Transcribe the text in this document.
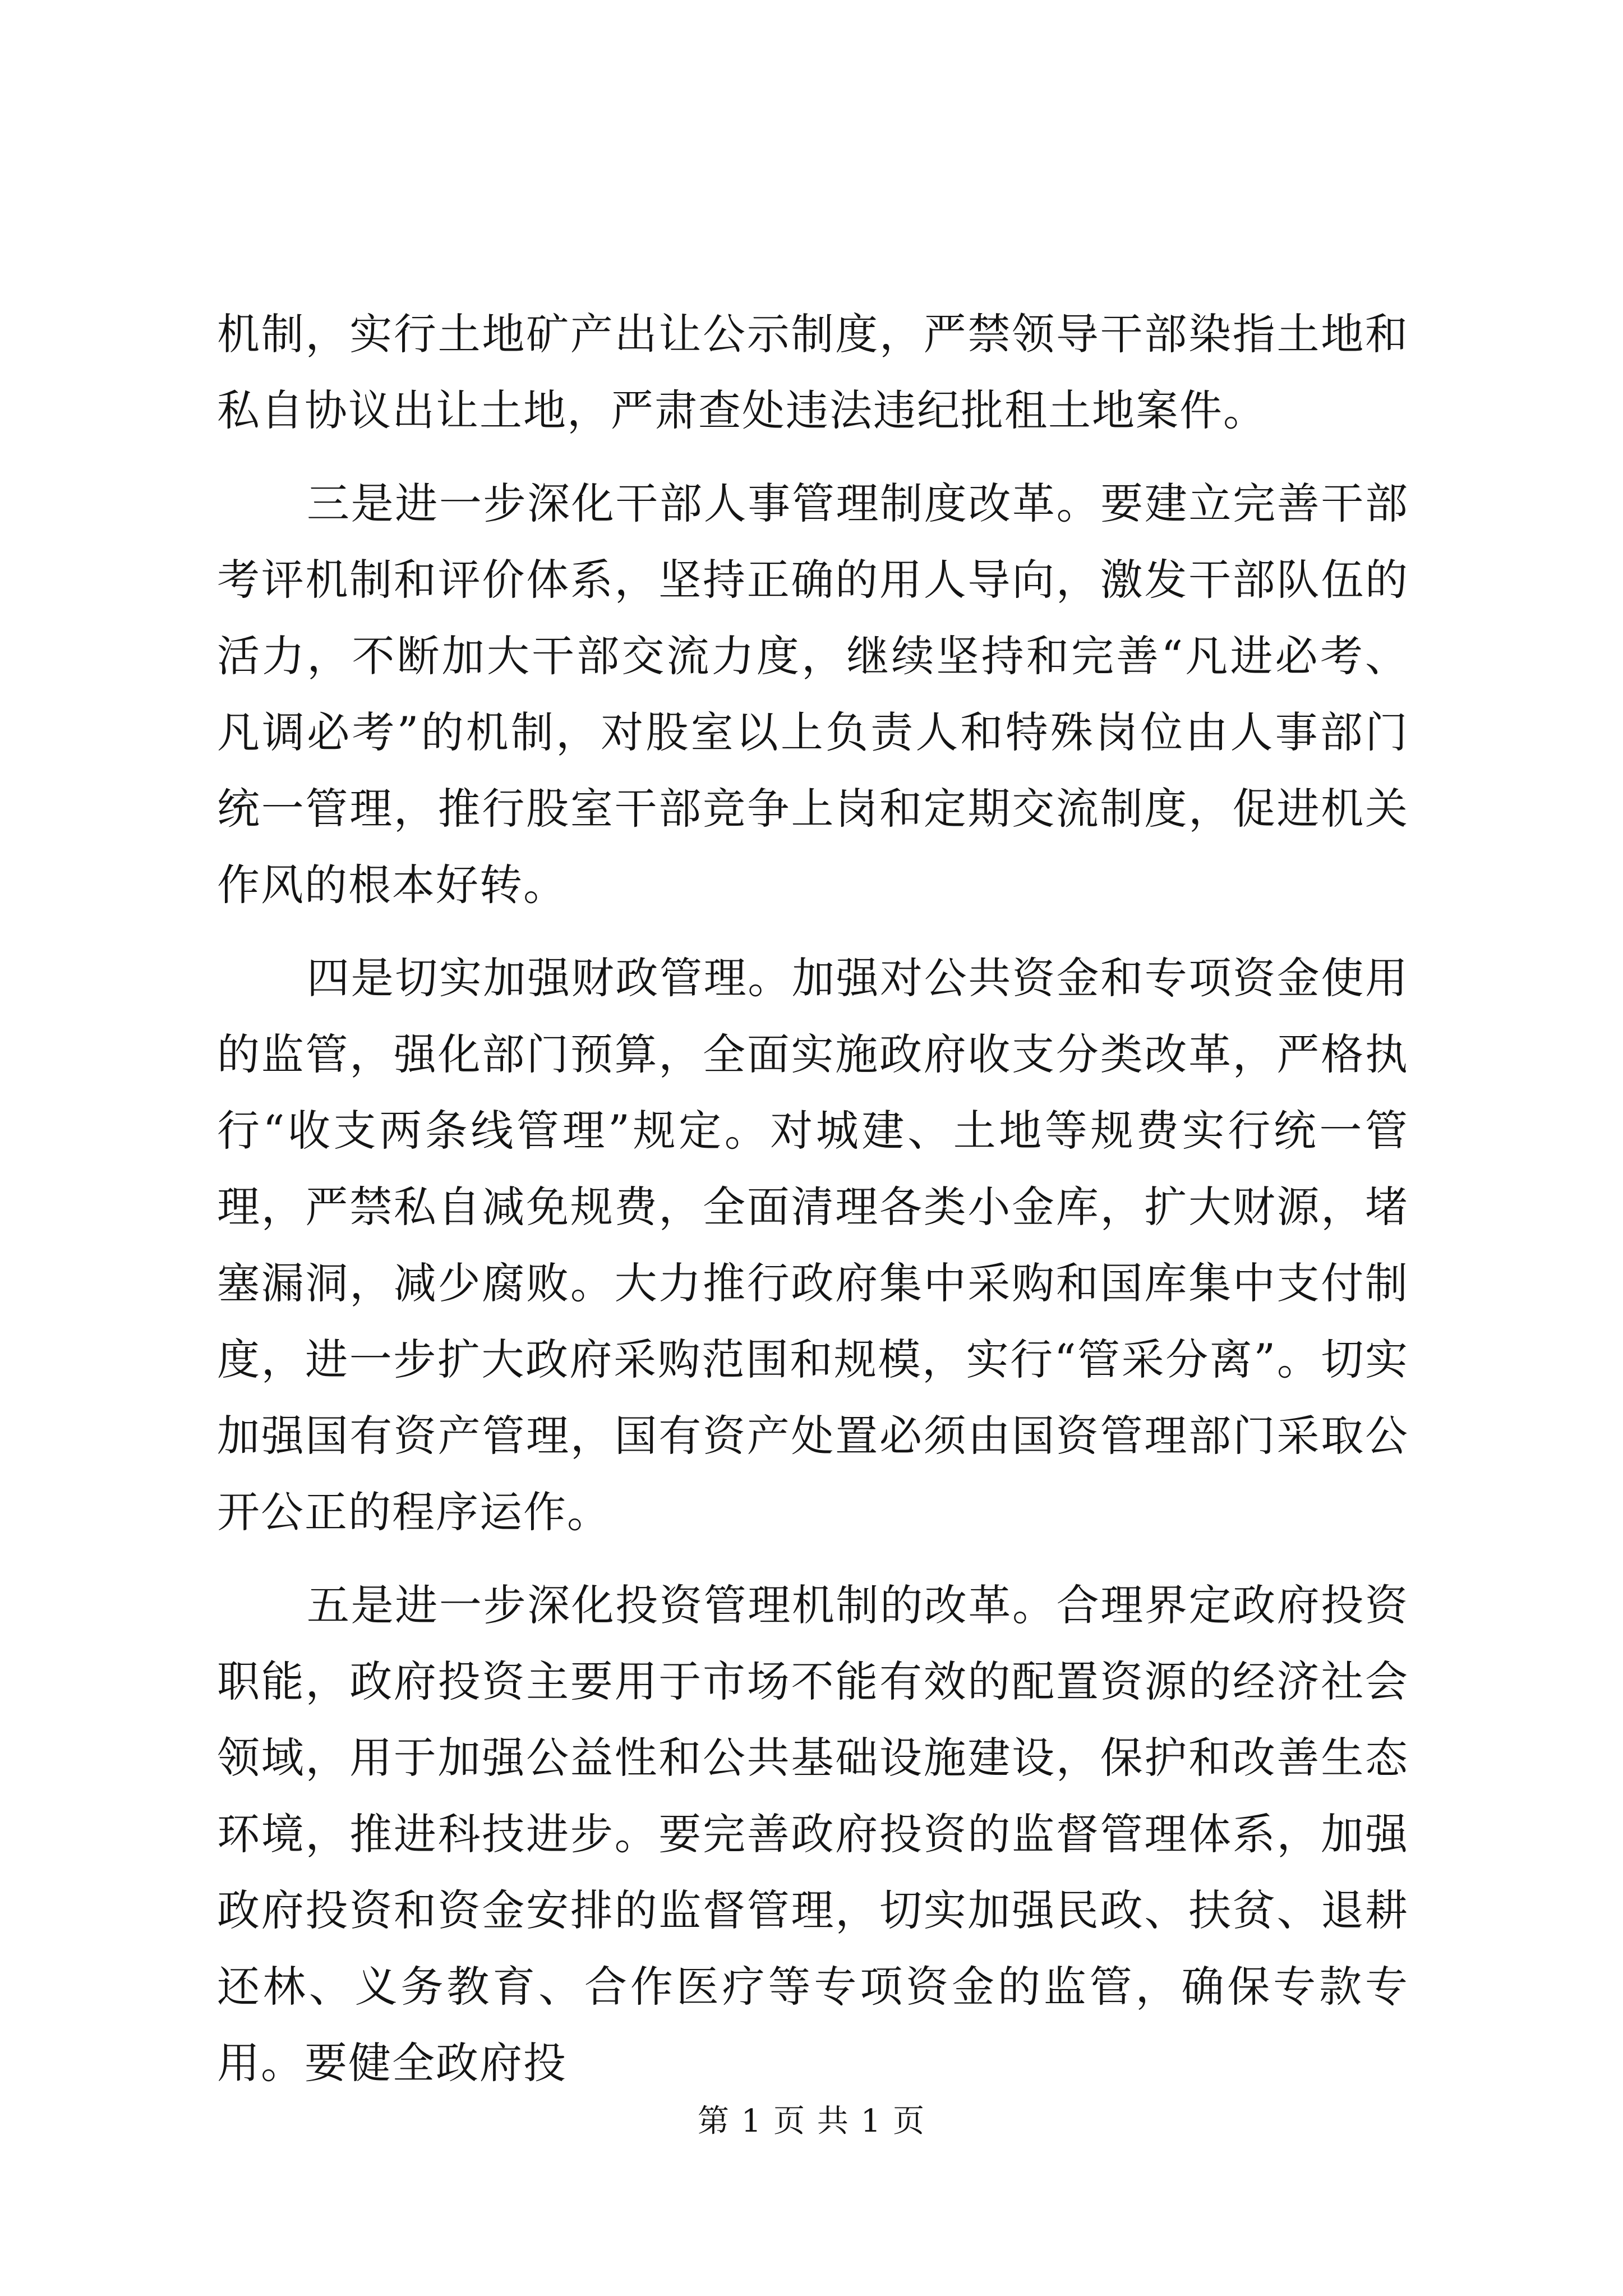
机制，实行土地矿产出让公示制度，严禁领导干部染指土地和私自协议出让土地，严肃查处违法违纪批租土地案件。

三是进一步深化干部人事管理制度改革。要建立完善干部考评机制和评价体系，坚持正确的用人导向，激发干部队伍的活力，不断加大干部交流力度，继续坚持和完善“凡进必考、凡调必考”的机制，对股室以上负责人和特殊岗位由人事部门统一管理，推行股室干部竞争上岗和定期交流制度，促进机关作风的根本好转。

四是切实加强财政管理。加强对公共资金和专项资金使用的监管，强化部门预算，全面实施政府收支分类改革，严格执行“收支两条线管理”规定。对城建、土地等规费实行统一管理，严禁私自减免规费，全面清理各类小金库，扩大财源，堵塞漏洞，减少腐败。大力推行政府集中采购和国库集中支付制度，进一步扩大政府采购范围和规模，实行“管采分离”。切实加强国有资产管理，国有资产处置必须由国资管理部门采取公开公正的程序运作。

五是进一步深化投资管理机制的改革。合理界定政府投资职能，政府投资主要用于市场不能有效的配置资源的经济社会领域，用于加强公益性和公共基础设施建设，保护和改善生态环境，推进科技进步。要完善政府投资的监督管理体系，加强政府投资和资金安排的监督管理，切实加强民政、扶贫、退耕还林、义务教育、合作医疗等专项资金的监管，确保专款专用。要健全政府投

第 1 页 共 1 页
